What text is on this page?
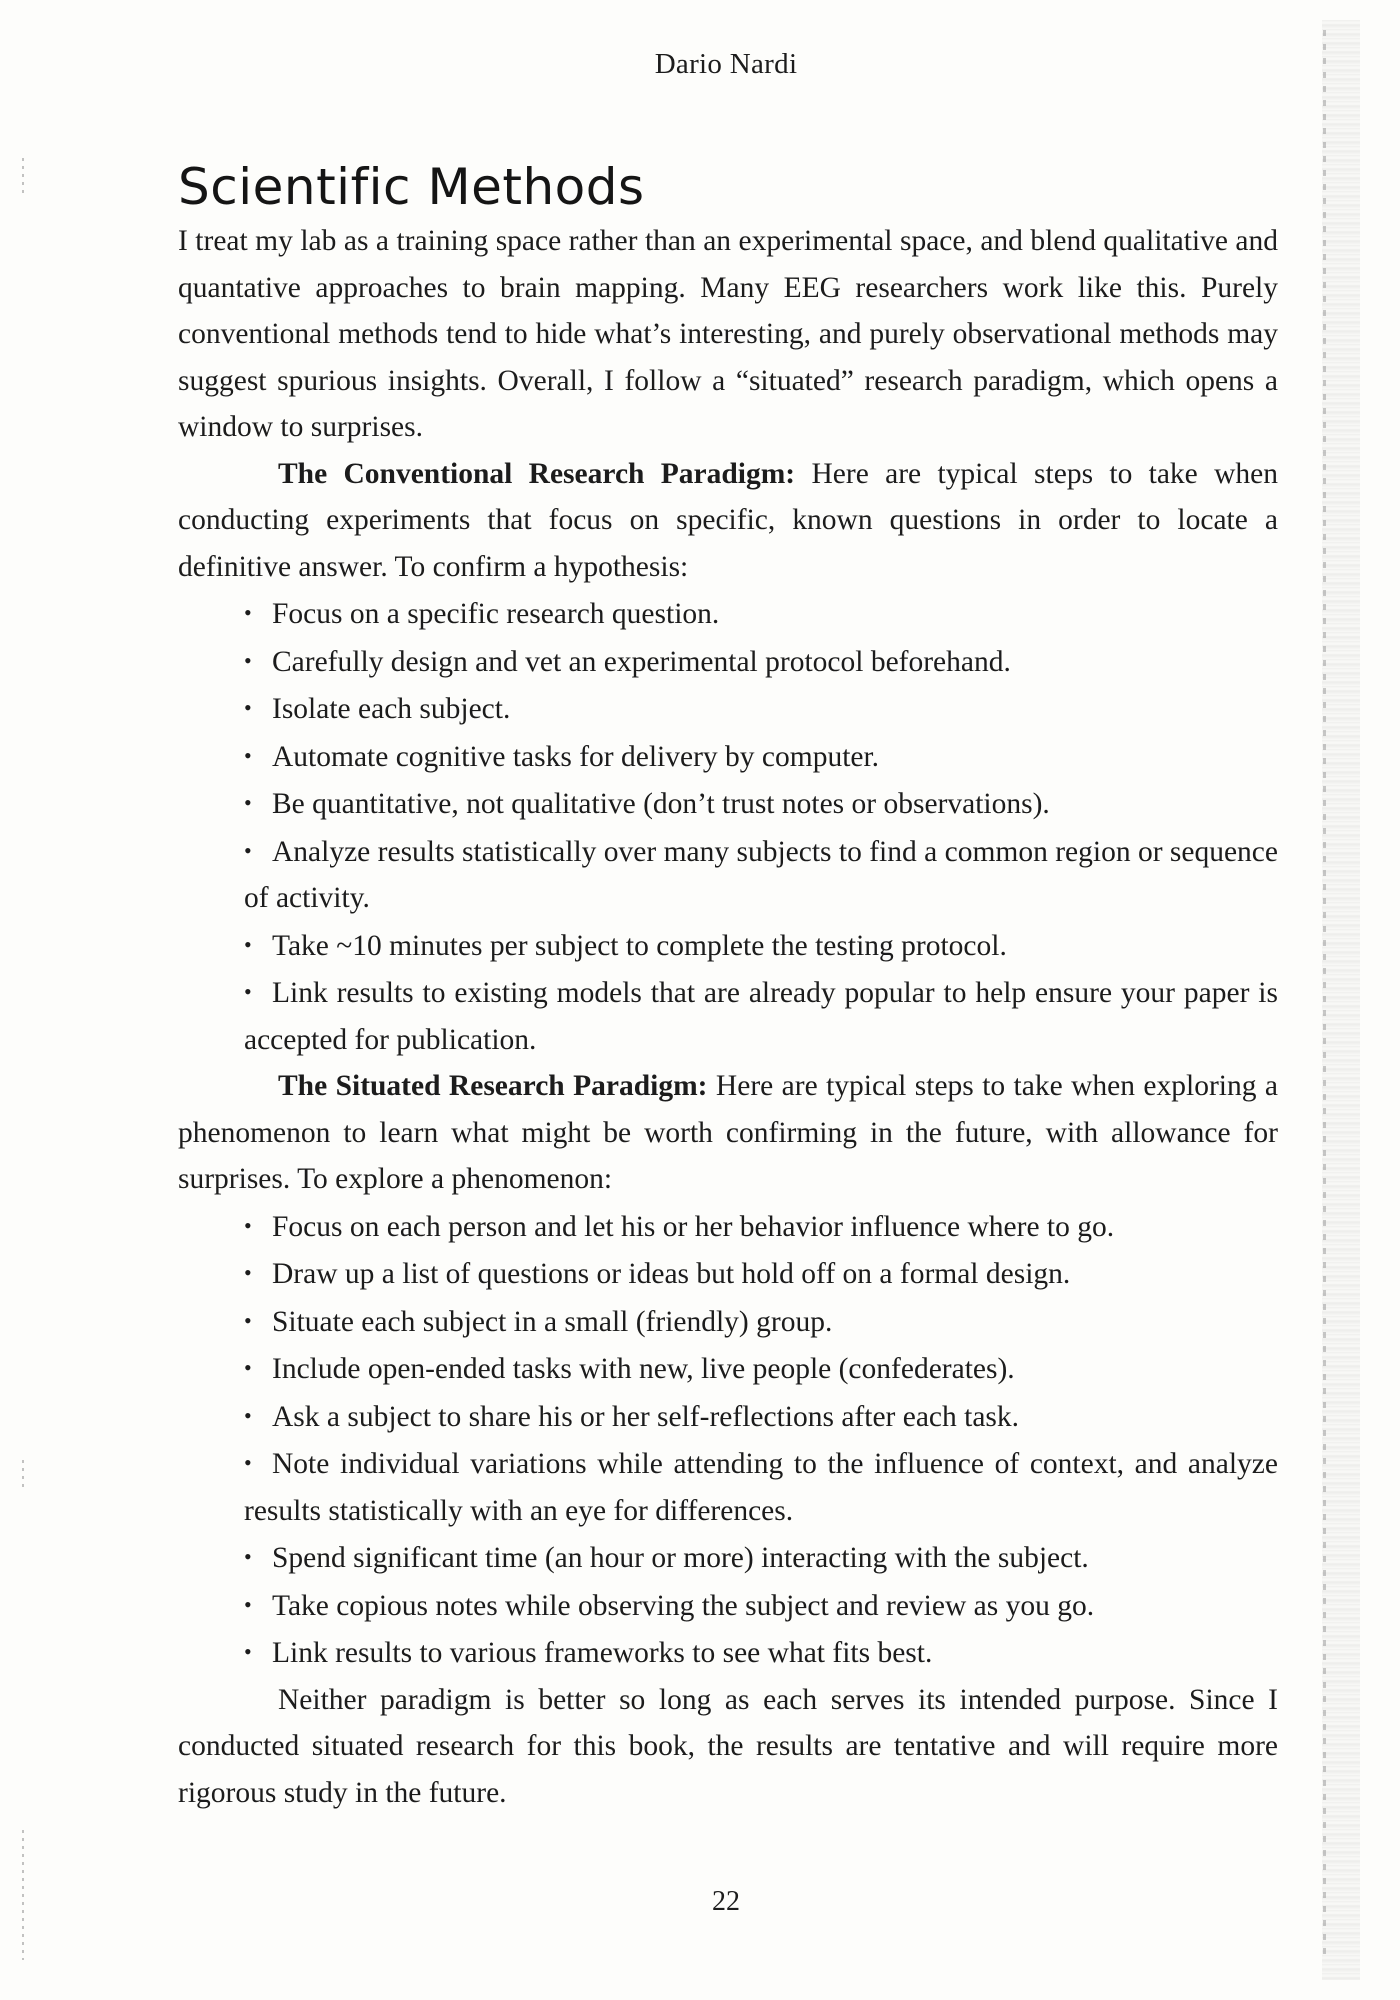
Dario Nardi
Scientific Methods

I treat my lab as a training space rather than an experimental space, and blend qualitative and quantative approaches to brain mapping. Many EEG researchers work like this. Purely conventional methods tend to hide what’s interesting, and purely observational methods may suggest spurious insights. Overall, I follow a “situated” research paradigm, which opens a window to surprises.

The Conventional Research Paradigm: Here are typical steps to take when conducting experiments that focus on specific, known questions in order to locate a definitive answer. To confirm a hypothesis:

• Focus on a specific research question.
• Carefully design and vet an experimental protocol beforehand.
• Isolate each subject.
• Automate cognitive tasks for delivery by computer.
• Be quantitative, not qualitative (don’t trust notes or observations).
• Analyze results statistically over many subjects to find a common region or sequence of activity.
• Take ~10 minutes per subject to complete the testing protocol.
• Link results to existing models that are already popular to help ensure your paper is accepted for publication.

The Situated Research Paradigm: Here are typical steps to take when exploring a phenomenon to learn what might be worth confirming in the future, with allowance for surprises. To explore a phenomenon:

• Focus on each person and let his or her behavior influence where to go.
• Draw up a list of questions or ideas but hold off on a formal design.
• Situate each subject in a small (friendly) group.
• Include open-ended tasks with new, live people (confederates).
• Ask a subject to share his or her self-reflections after each task.
• Note individual variations while attending to the influence of context, and analyze results statistically with an eye for differences.
• Spend significant time (an hour or more) interacting with the subject.
• Take copious notes while observing the subject and review as you go.
• Link results to various frameworks to see what fits best.

Neither paradigm is better so long as each serves its intended purpose. Since I conducted situated research for this book, the results are tentative and will require more rigorous study in the future.

22
